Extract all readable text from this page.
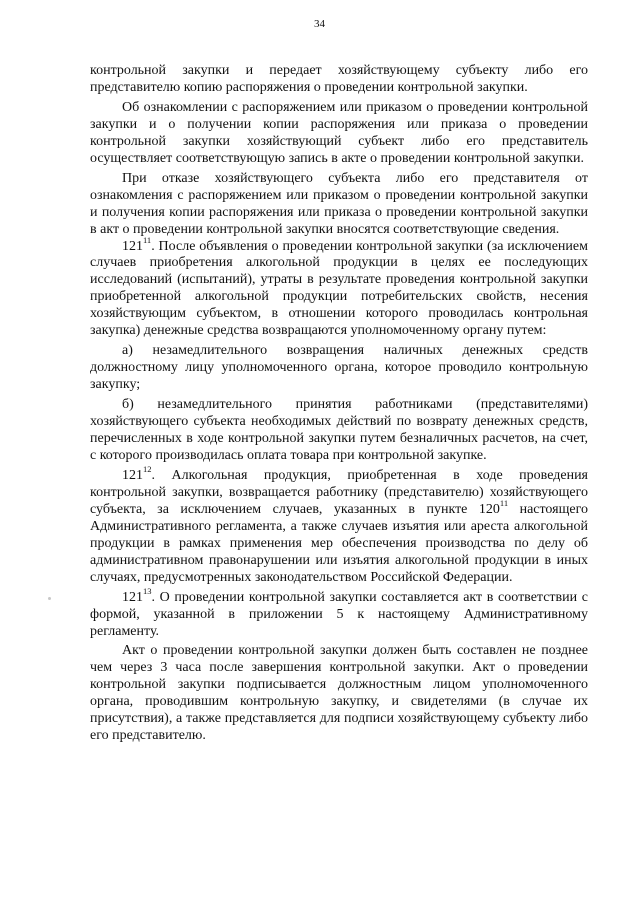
34

контрольной закупки и передает хозяйствующему субъекту либо его представителю копию распоряжения о проведении контрольной закупки.

Об ознакомлении с распоряжением или приказом о проведении контрольной закупки и о получении копии распоряжения или приказа о проведении контрольной закупки хозяйствующий субъект либо его представитель осуществляет соответствующую запись в акте о проведении контрольной закупки.

При отказе хозяйствующего субъекта либо его представителя от ознакомления с распоряжением или приказом о проведении контрольной закупки и получения копии распоряжения или приказа о проведении контрольной закупки в акт о проведении контрольной закупки вносятся соответствующие сведения.

$121^{11}$. После объявления о проведении контрольной закупки (за исключением случаев приобретения алкогольной продукции в целях ее последующих исследований (испытаний), утраты в результате проведения контрольной закупки приобретенной алкогольной продукции потребительских свойств, несения хозяйствующим субъектом, в отношении которого проводилась контрольная закупка) денежные средства возвращаются уполномоченному органу путем:

а) незамедлительного возвращения наличных денежных средств должностному лицу уполномоченного органа, которое проводило контрольную закупку;

б) незамедлительного принятия работниками (представителями) хозяйствующего субъекта необходимых действий по возврату денежных средств, перечисленных в ходе контрольной закупки путем безналичных расчетов, на счет, с которого производилась оплата товара при контрольной закупке.

$121^{12}$. Алкогольная продукция, приобретенная в ходе проведения контрольной закупки, возвращается работнику (представителю) хозяйствующего субъекта, за исключением случаев, указанных в пункте $120^{11}$ настоящего Административного регламента, а также случаев изъятия или ареста алкогольной продукции в рамках применения мер обеспечения производства по делу об административном правонарушении или изъятия алкогольной продукции в иных случаях, предусмотренных законодательством Российской Федерации.

$121^{13}$. О проведении контрольной закупки составляется акт в соответствии с формой, указанной в приложении 5 к настоящему Административному регламенту.

Акт о проведении контрольной закупки должен быть составлен не позднее чем через 3 часа после завершения контрольной закупки. Акт о проведении контрольной закупки подписывается должностным лицом уполномоченного органа, проводившим контрольную закупку, и свидетелями (в случае их присутствия), а также представляется для подписи хозяйствующему субъекту либо его представителю.
